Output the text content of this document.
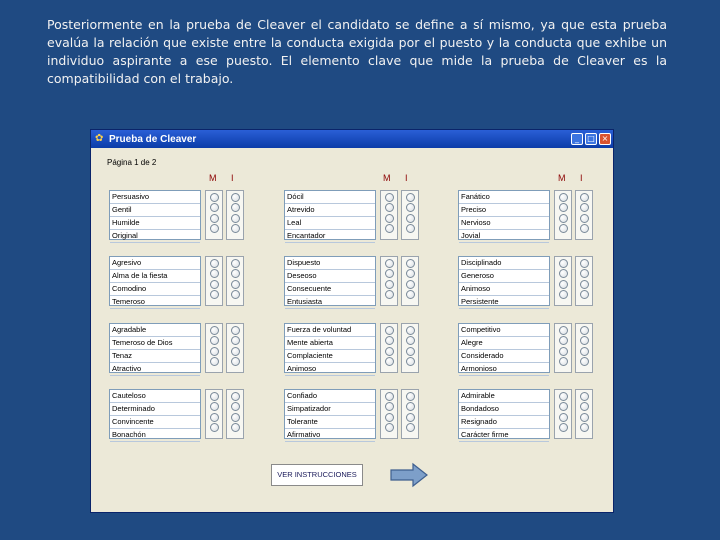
Posteriormente en la prueba de Cleaver el candidato se define a sí mismo, ya que esta prueba evalúa la relación que existe entre la conducta exigida por el puesto y la conducta que exhibe un individuo aspirante a ese puesto. El elemento clave que mide la prueba de Cleaver es la compatibilidad con el trabajo.
✿ Prueba de Cleaver	_	□ ×
Página 1 de 2
M I	M I	M I
Persuasivo
Gentil
Humilde
Original
Dócil
Atrevido
Leal
Encantador
Fanático
Preciso
Nervioso
Jovial
Agresivo
Alma de la fiesta
Comodino
Temeroso
Dispuesto
Deseoso
Consecuente
Entusiasta
Disciplinado
Generoso
Animoso
Persistente
Agradable
Temeroso de Dios
Tenaz
Atractivo
Fuerza de voluntad
Mente abierta
Complaciente
Animoso
Competitivo
Alegre
Considerado
Armonioso
Cauteloso
Determinado
Convincente
Bonachón
Confiado
Simpatizador
Tolerante
Afirmativo
Admirable
Bondadoso
Resignado
Carácter firme
VER INSTRUCCIONES
